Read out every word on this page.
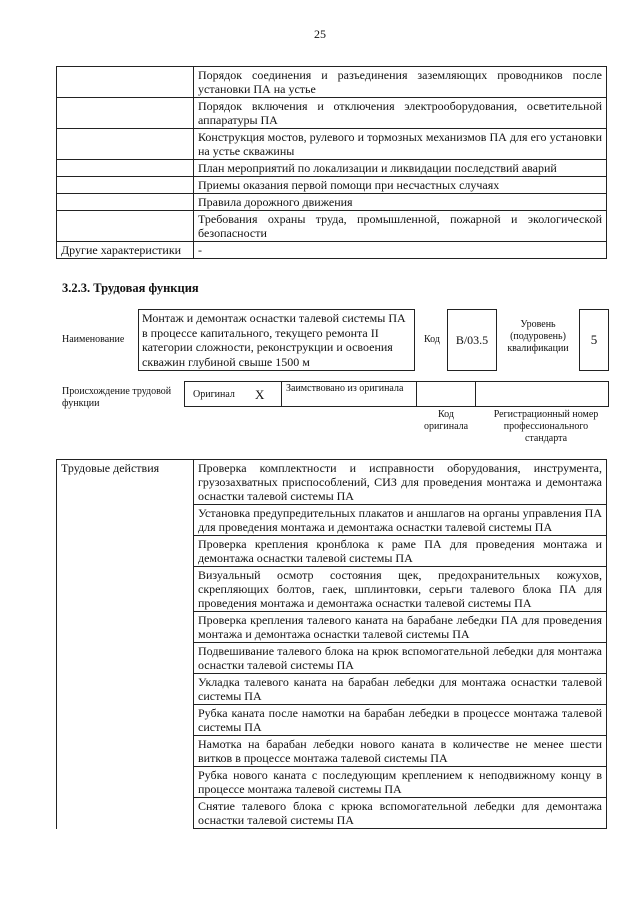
25
	Порядок соединения и разъединения заземляющих проводников после установки ПА на устье
	Порядок включения и отключения электрооборудования, осветительной аппаратуры ПА
	Конструкция мостов, рулевого и тормозных механизмов ПА для его установки на устье скважины
	План мероприятий по локализации и ликвидации последствий аварий
	Приемы оказания первой помощи при несчастных случаях
	Правила дорожного движения
	Требования охраны труда, промышленной, пожарной и экологической безопасности
Другие характеристики	-
3.2.3. Трудовая функция
Наименование
Монтаж и демонтаж оснастки талевой системы ПА в процессе капитального, текущего ремонта II категории сложности, реконструкции и освоения скважин глубиной свыше 1500 м
Код	B/03.5
Уровень (подуровень) квалификации
5
Происхождение трудовой функции
Оригинал X Заимствовано из оригинала
Код оригинала
Регистрационный номер профессионального стандарта
Трудовые действия	Проверка комплектности и исправности оборудования, инструмента, грузозахватных приспособлений, СИЗ для проведения монтажа и демонтажа оснастки талевой системы ПА
Установка предупредительных плакатов и аншлагов на органы управления ПА для проведения монтажа и демонтажа оснастки талевой системы ПА
Проверка крепления кронблока к раме ПА для проведения монтажа и демонтажа оснастки талевой системы ПА
Визуальный осмотр состояния щек, предохранительных кожухов, скрепляющих болтов, гаек, шплинтовки, серьги талевого блока ПА для проведения монтажа и демонтажа оснастки талевой системы ПА
Проверка крепления талевого каната на барабане лебедки ПА для проведения монтажа и демонтажа оснастки талевой системы ПА
Подвешивание талевого блока на крюк вспомогательной лебедки для монтажа оснастки талевой системы ПА
Укладка талевого каната на барабан лебедки для монтажа оснастки талевой системы ПА
Рубка каната после намотки на барабан лебедки в процессе монтажа талевой системы ПА
Намотка на барабан лебедки нового каната в количестве не менее шести витков в процессе монтажа талевой системы ПА
Рубка нового каната с последующим креплением к неподвижному концу в процессе монтажа талевой системы ПА
Снятие талевого блока с крюка вспомогательной лебедки для демонтажа оснастки талевой системы ПА
